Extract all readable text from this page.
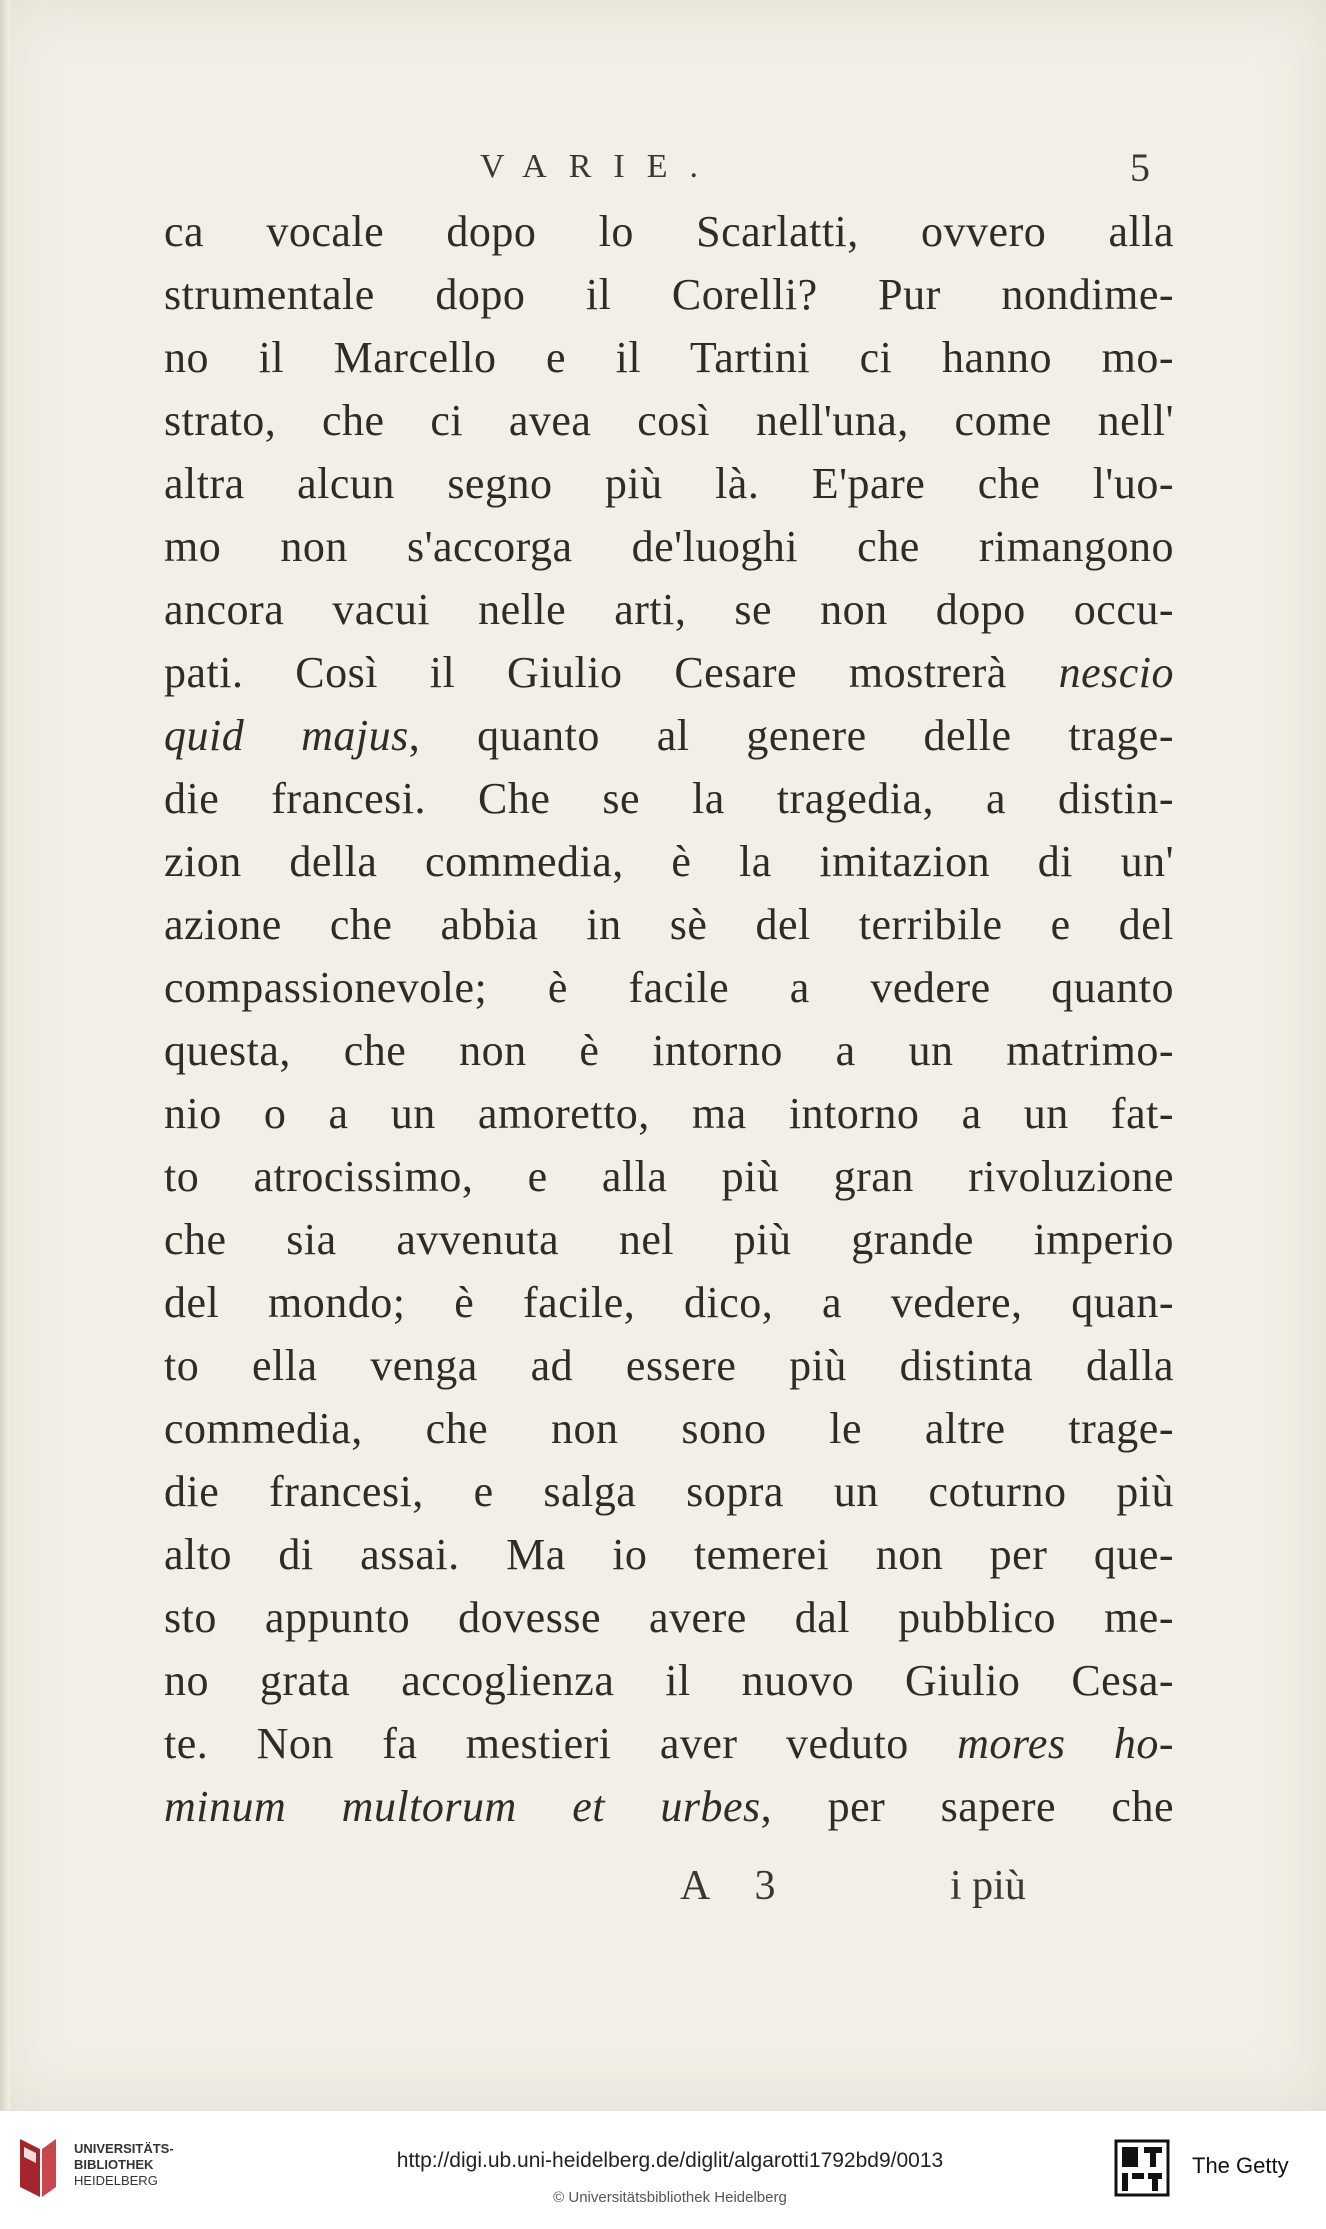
VARIE.	5
ca vocale dopo lo Scarlatti, ovvero alla
strumentale dopo il Corelli? Pur nondime-
no il Marcello e il Tartini ci hanno mo-
strato, che ci avea così nell'una, come nell'
altra alcun segno più là. E'pare che l'uo-
mo non s'accorga de'luoghi che rimangono
ancora vacui nelle arti, se non dopo occu-
pati. Così il Giulio Cesare mostrerà nescio
quid majus, quanto al genere delle trage-
die francesi. Che se la tragedia, a distin-
zion della commedia, è la imitazion di un'
azione che abbia in sè del terribile e del
compassionevole; è facile a vedere quanto
questa, che non è intorno a un matrimo-
nio o a un amoretto, ma intorno a un fat-
to atrocissimo, e alla più gran rivoluzione
che sia avvenuta nel più grande imperio
del mondo; è facile, dico, a vedere, quan-
to ella venga ad essere più distinta dalla
commedia, che non sono le altre trage-
die francesi, e salga sopra un coturno più
alto di assai. Ma io temerei non per que-
sto appunto dovesse avere dal pubblico me-
no grata accoglienza il nuovo Giulio Cesa-
te. Non fa mestieri aver veduto mores ho-
minum multorum et urbes, per sapere che
A 3	i più
UNIVERSITÄTS-
BIBLIOTHEK
HEIDELBERG
http://digi.ub.uni-heidelberg.de/diglit/algarotti1792bd9/0013
© Universitätsbibliothek Heidelberg
The Getty
